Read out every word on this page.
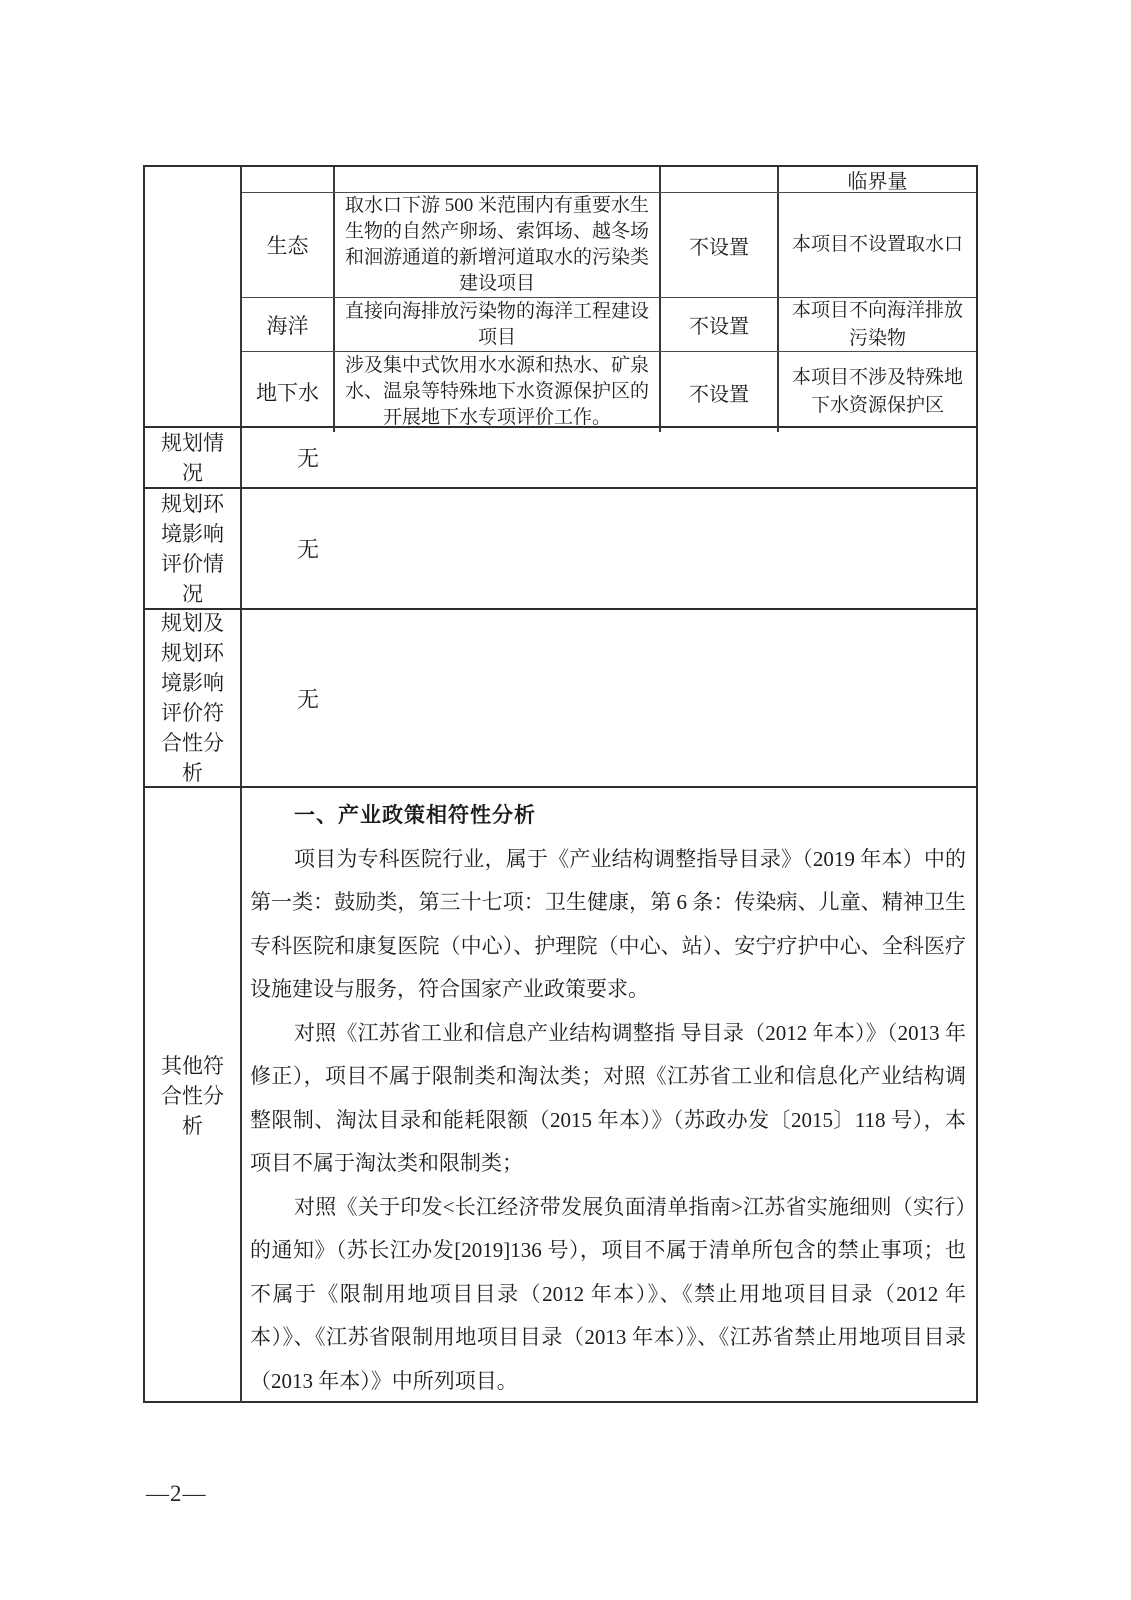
临界量
生态
取水口下游 500 米范围内有重要水生生物的自然产卵场、索饵场、越冬场和洄游通道的新增河道取水的污染类建设项目
不设置	本项目不设置取水口
海洋
直接向海排放污染物的海洋工程建设项目	不设置
本项目不向海洋排放污染物
地下水
涉及集中式饮用水水源和热水、矿泉水、温泉等特殊地下水资源保护区的开展地下水专项评价工作。
不设置
本项目不涉及特殊地下水资源保护区
规划情况
无
规划环境影响评价情况
无
规划及规划环境影响评价符合性分析
无
其他符合性分析
一、产业政策相符性分析

项目为专科医院行业，属于《产业结构调整指导目录》（2019 年本）中的第一类：鼓励类，第三十七项：卫生健康，第 6 条：传染病、儿童、精神卫生专科医院和康复医院（中心）、护理院（中心、站）、安宁疗护中心、全科医疗设施建设与服务，符合国家产业政策要求。

对照《江苏省工业和信息产业结构调整指 导目录（2012 年本）》（2013 年修正），项目不属于限制类和淘汰类；对照《江苏省工业和信息化产业结构调整限制、淘汰目录和能耗限额（2015 年本）》（苏政办发〔2015〕118 号），本项目不属于淘汰类和限制类；

对照《关于印发<长江经济带发展负面清单指南>江苏省实施细则（实行）的通知》（苏长江办发[2019]136 号），项目不属于清单所包含的禁止事项；也不属于《限制用地项目目录（2012 年本）》、《禁止用地项目目录（2012 年本）》、《江苏省限制用地项目目录（2013 年本）》、《江苏省禁止用地项目目录（2013 年本）》中所列项目。

—2—
